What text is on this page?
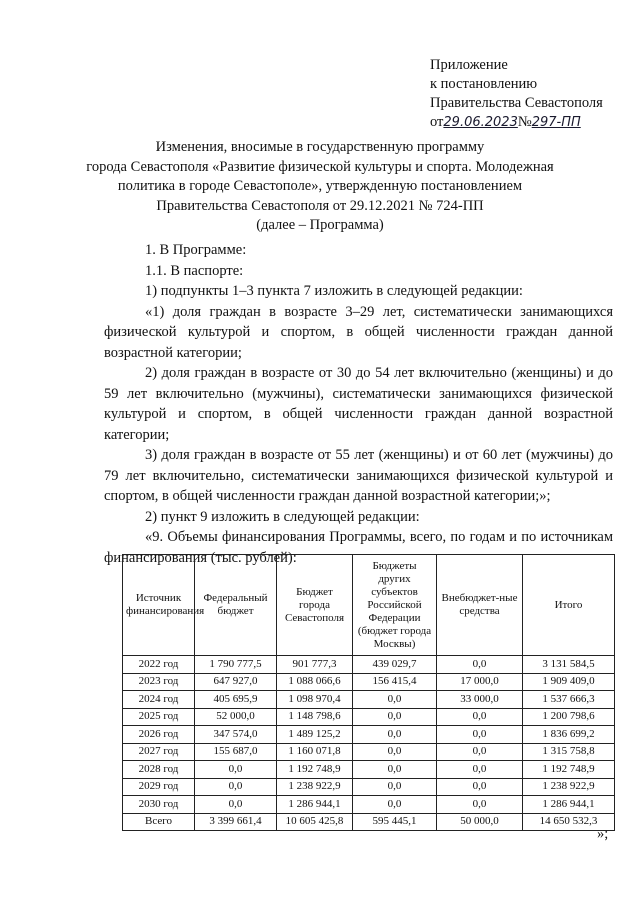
Приложение
к постановлению
Правительства Севастополя
от29.06.2023№297-ПП
Изменения, вносимые в государственную программу
города Севастополя «Развитие физической культуры и спорта. Молодежная
политика в городе Севастополе», утвержденную постановлением
Правительства Севастополя от 29.12.2021 № 724-ПП
(далее – Программа)
1. В Программе:
1.1. В паспорте:
1) подпункты 1–3 пункта 7 изложить в следующей редакции:
«1) доля граждан в возрасте 3–29 лет, систематически занимающихся физической культурой и спортом, в общей численности граждан данной возрастной категории;
2) доля граждан в возрасте от 30 до 54 лет включительно (женщины) и до 59 лет включительно (мужчины), систематически занимающихся физической культурой и спортом, в общей численности граждан данной возрастной категории;
3) доля граждан в возрасте от 55 лет (женщины) и от 60 лет (мужчины) до 79 лет включительно, систематически занимающихся физической культурой и спортом, в общей численности граждан данной возрастной категории;»;
2) пункт 9 изложить в следующей редакции:
«9. Объемы финансирования Программы, всего, по годам и по источникам финансирования (тыс. рублей):
Источник финансирования	Федеральный бюджет	Бюджет города Севастополя	Бюджеты других субъектов Российской Федерации (бюджет города Москвы)	Внебюджет-ные средства	Итого
2022 год	1 790 777,5	901 777,3	439 029,7	0,0	3 131 584,5
2023 год	647 927,0	1 088 066,6	156 415,4	17 000,0	1 909 409,0
2024 год	405 695,9	1 098 970,4	0,0	33 000,0	1 537 666,3
2025 год	52 000,0	1 148 798,6	0,0	0,0	1 200 798,6
2026 год	347 574,0	1 489 125,2	0,0	0,0	1 836 699,2
2027 год	155 687,0	1 160 071,8	0,0	0,0	1 315 758,8
2028 год	0,0	1 192 748,9	0,0	0,0	1 192 748,9
2029 год	0,0	1 238 922,9	0,0	0,0	1 238 922,9
2030 год	0,0	1 286 944,1	0,0	0,0	1 286 944,1
Всего	3 399 661,4	10 605 425,8	595 445,1	50 000,0	14 650 532,3
»;
